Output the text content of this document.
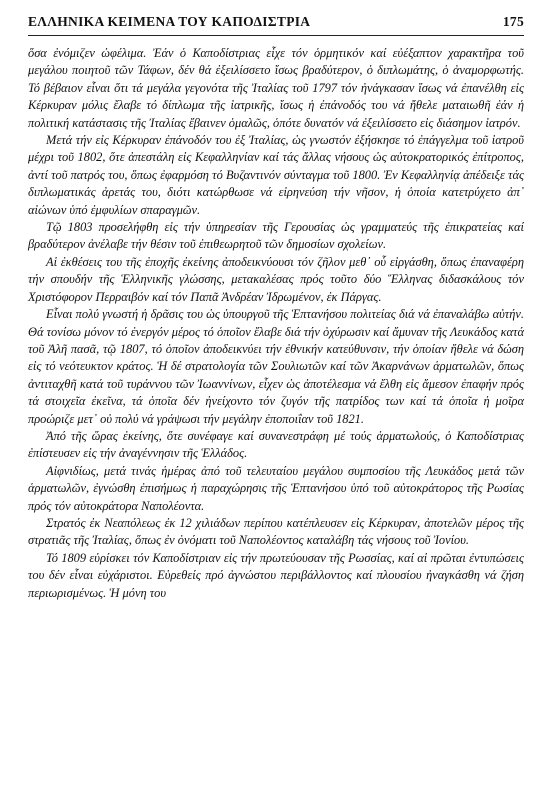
ΕΛΛΗΝΙΚΑ ΚΕΙΜΕΝΑ ΤΟΥ ΚΑΠΟΔΙΣΤΡΙΑ	175

ὅσα ἐνόμιζεν ὠφέλιμα. Ἐάν ὁ Καποδίστριας εἶχε τόν ὁρμητικόν καί εὐέξαπτον χαρακτῆρα τοῦ μεγάλου ποιητοῦ τῶν Τάφων, δέν θά ἐξειλίσσετο ἴσως βραδύτερον, ὁ διπλωμάτης, ὁ ἀναμορφωτής. Τό βέβαιον εἶναι ὅτι τά μεγάλα γεγονότα τῆς Ἰταλίας τοῦ 1797 τόν ἠνάγκασαν ἴσως νά ἐπανέλθη εἰς Κέρκυραν μόλις ἔλαβε τό δίπλωμα τῆς ἰατρικῆς, ἴσως ἡ ἐπάνοδός του νά ἤθελε ματαιωθῆ ἐάν ἡ πολιτική κατάστασις τῆς Ἰταλίας ἔβαινεν ὁμαλῶς, ὁπότε δυνατόν νά ἐξειλίσσετο εἰς διάσημον ἰατρόν.

Μετά τήν εἰς Κέρκυραν ἐπάνοδόν του ἐξ Ἰταλίας, ὡς γνωστόν ἐξήσκησε τό ἐπάγγελμα τοῦ ἰατροῦ μέχρι τοῦ 1802, ὅτε ἀπεστάλη εἰς Κεφαλληνίαν καί τάς ἄλλας νήσους ὡς αὐτοκρατορικός ἐπίτροπος, ἀντί τοῦ πατρός του, ὅπως ἐφαρμόση τό Βυζαντινόν σύνταγμα τοῦ 1800. Ἐν Κεφαλληνίᾳ ἀπέδειξε τάς διπλωματικάς ἀρετάς του, διότι κατώρθωσε νά εἰρηνεύση τήν νῆσον, ἡ ὁποία κατετρύχετο ἀπ᾽ αἰώνων ὑπό ἐμφυλίων σπαραγμῶν.

Τῷ 1803 προσελήφθη εἰς τήν ὑπηρεσίαν τῆς Γερουσίας ὡς γραμματεύς τῆς ἐπικρατείας καί βραδύτερον ἀνέλαβε τήν θέσιν τοῦ ἐπιθεωρητοῦ τῶν δημοσίων σχολείων.

Αἱ ἐκθέσεις του τῆς ἐποχῆς ἐκείνης ἀποδεικνύουσι τόν ζῆλον μεθ᾽ οὗ εἰργάσθη, ὅπως ἐπαναφέρη τήν σπουδήν τῆς Ἑλληνικῆς γλώσσης, μετακαλέσας πρός τοῦτο δύο Ἕλληνας διδασκάλους τόν Χριστόφορον Περραιβόν καί τόν Παπᾶ Ἀνδρέαν Ἰδρωμένον, ἐκ Πάργας.

Εἶναι πολύ γνωστή ἡ δρᾶσις του ὡς ὑπουργοῦ τῆς Ἑπτανήσου πολιτείας διά νά ἐπαναλάβω αὐτήν. Θά τονίσω μόνον τό ἐνεργόν μέρος τό ὁποῖον ἔλαβε διά τήν ὀχύρωσιν καί ἄμυναν τῆς Λευκάδος κατά τοῦ Ἀλῆ πασᾶ, τῷ 1807, τό ὁποῖον ἀποδεικνύει τήν ἐθνικήν κατεύθυνσιν, τήν ὁποίαν ἤθελε νά δώση εἰς τό νεότευκτον κράτος. Ἡ δέ στρατολογία τῶν Σουλιωτῶν καί τῶν Ἀκαρνάνων ἁρματωλῶν, ὅπως ἀντιταχθῆ κατά τοῦ τυράννου τῶν Ἰωαννίνων, εἶχεν ὡς ἀποτέλεσμα νά ἔλθη εἰς ἄμεσον ἐπαφήν πρός τά στοιχεῖα ἐκεῖνα, τά ὁποῖα δέν ἠνείχοντο τόν ζυγόν τῆς πατρίδος των καί τά ὁποῖα ἡ μοῖρα προώριζε μετ᾽ οὐ πολύ νά γράψωσι τήν μεγάλην ἐποποιΐαν τοῦ 1821.

Ἀπό τῆς ὥρας ἐκείνης, ὅτε συνέφαγε καί συνανεστράφη μέ τούς ἁρματωλούς, ὁ Καποδίστριας ἐπίστευσεν εἰς τήν ἀναγέννησιν τῆς Ἑλλάδος.

Αἰφνιδίως, μετά τινάς ἡμέρας ἀπό τοῦ τελευταίου μεγάλου συμποσίου τῆς Λευκάδος μετά τῶν ἁρματωλῶν, ἐγνώσθη ἐπισήμως ἡ παραχώρησις τῆς Ἑπτανήσου ὑπό τοῦ αὐτοκράτορος τῆς Ρωσίας πρός τόν αὐτοκράτορα Ναπολέοντα.

Στρατός ἐκ Νεαπόλεως ἐκ 12 χιλιάδων περίπου κατέπλευσεν εἰς Κέρκυραν, ἀποτελῶν μέρος τῆς στρατιᾶς τῆς Ἰταλίας, ὅπως ἐν ὀνόματι τοῦ Ναπολέοντος καταλάβη τάς νήσους τοῦ Ἰονίου.

Τό 1809 εὑρίσκει τόν Καποδίστριαν εἰς τήν πρωτεύουσαν τῆς Ρωσσίας, καί αἱ πρῶται ἐντυπώσεις του δέν εἶναι εὐχάριστοι. Εὑρεθείς πρό ἀγνώστου περιβάλλοντος καί πλουσίου ἠναγκάσθη νά ζήση περιωρισμένως. Ἡ μόνη του
